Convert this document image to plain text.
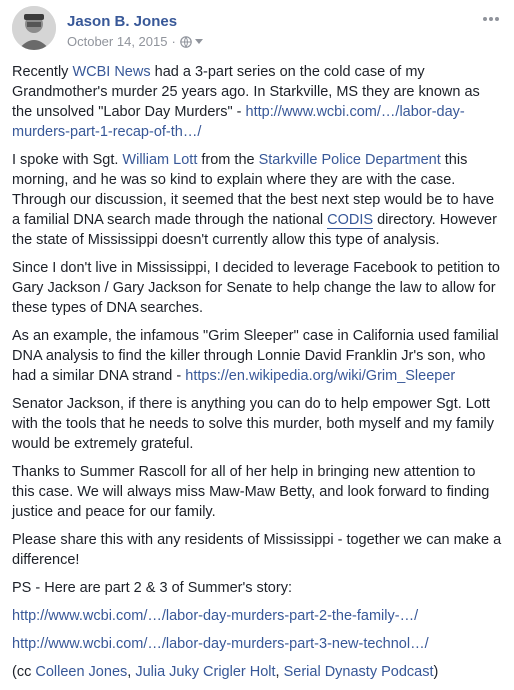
Jason B. Jones
October 14, 2015 ·

Recently WCBI News had a 3-part series on the cold case of my Grandmother's murder 25 years ago. In Starkville, MS they are known as the unsolved "Labor Day Murders" - http://www.wcbi.com/…/labor-day-murders-part-1-recap-of-th…/

I spoke with Sgt. William Lott from the Starkville Police Department this morning, and he was so kind to explain where they are with the case. Through our discussion, it seemed that the best next step would be to have a familial DNA search made through the national CODIS directory. However the state of Mississippi doesn't currently allow this type of analysis.

Since I don't live in Mississippi, I decided to leverage Facebook to petition to Gary Jackson / Gary Jackson for Senate to help change the law to allow for these types of DNA searches.

As an example, the infamous "Grim Sleeper" case in California used familial DNA analysis to find the killer through Lonnie David Franklin Jr's son, who had a similar DNA strand - https://en.wikipedia.org/wiki/Grim_Sleeper

Senator Jackson, if there is anything you can do to help empower Sgt. Lott with the tools that he needs to solve this murder, both myself and my family would be extremely grateful.

Thanks to Summer Rascoll for all of her help in bringing new attention to this case. We will always miss Maw-Maw Betty, and look forward to finding justice and peace for our family.

Please share this with any residents of Mississippi - together we can make a difference!

PS - Here are part 2 & 3 of Summer's story:

http://www.wcbi.com/…/labor-day-murders-part-2-the-family-…/

http://www.wcbi.com/…/labor-day-murders-part-3-new-technol…/

(cc Colleen Jones, Julia Juky Crigler Holt, Serial Dynasty Podcast)
